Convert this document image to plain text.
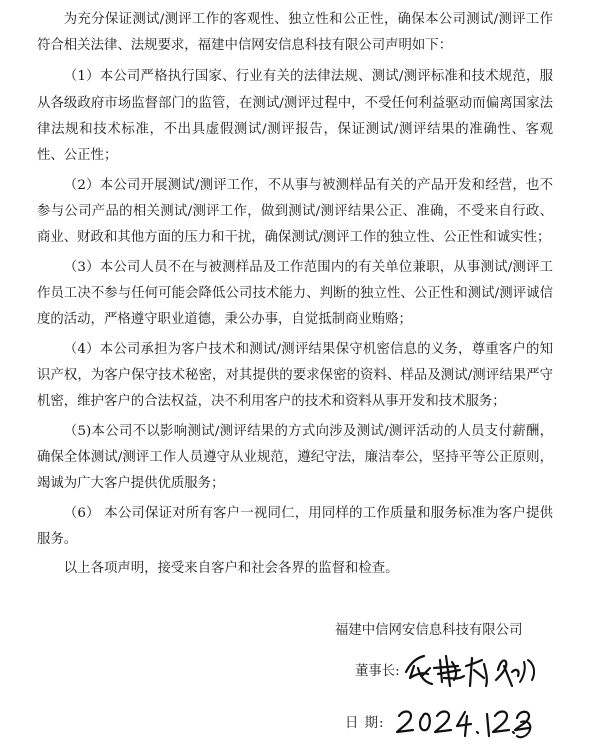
为充分保证测试/测评工作的客观性、独立性和公正性，确保本公司测试/测评工作符合相关法律、法规要求，福建中信网安信息科技有限公司声明如下：

（1）本公司严格执行国家、行业有关的法律法规、测试/测评标准和技术规范，服从各级政府市场监督部门的监管，在测试/测评过程中，不受任何利益驱动而偏离国家法律法规和技术标准，不出具虚假测试/测评报告，保证测试/测评结果的准确性、客观性、公正性；

（2）本公司开展测试/测评工作，不从事与被测样品有关的产品开发和经营，也不参与公司产品的相关测试/测评工作，做到测试/测评结果公正、准确，不受来自行政、商业、财政和其他方面的压力和干扰，确保测试/测评工作的独立性、公正性和诚实性；

（3）本公司人员不在与被测样品及工作范围内的有关单位兼职，从事测试/测评工作员工决不参与任何可能会降低公司技术能力、判断的独立性、公正性和测试/测评诚信度的活动，严格遵守职业道德，秉公办事，自觉抵制商业贿赂；

（4）本公司承担为客户技术和测试/测评结果保守机密信息的义务，尊重客户的知识产权，为客户保守技术秘密，对其提供的要求保密的资料、样品及测试/测评结果严守机密，维护客户的合法权益，决不利用客户的技术和资料从事开发和技术服务；

（5)本公司不以影响测试/测评结果的方式向涉及测试/测评活动的人员支付薪酬，确保全体测试/测评工作人员遵守从业规范，遵纪守法，廉洁奉公，坚持平等公正原则，竭诚为广大客户提供优质服务；

（6） 本公司保证对所有客户一视同仁，用同样的工作质量和服务标准为客户提供服务。

以上各项声明，接受来自客户和社会各界的监督和检查。

福建中信网安信息科技有限公司
董事长:
日 期:
